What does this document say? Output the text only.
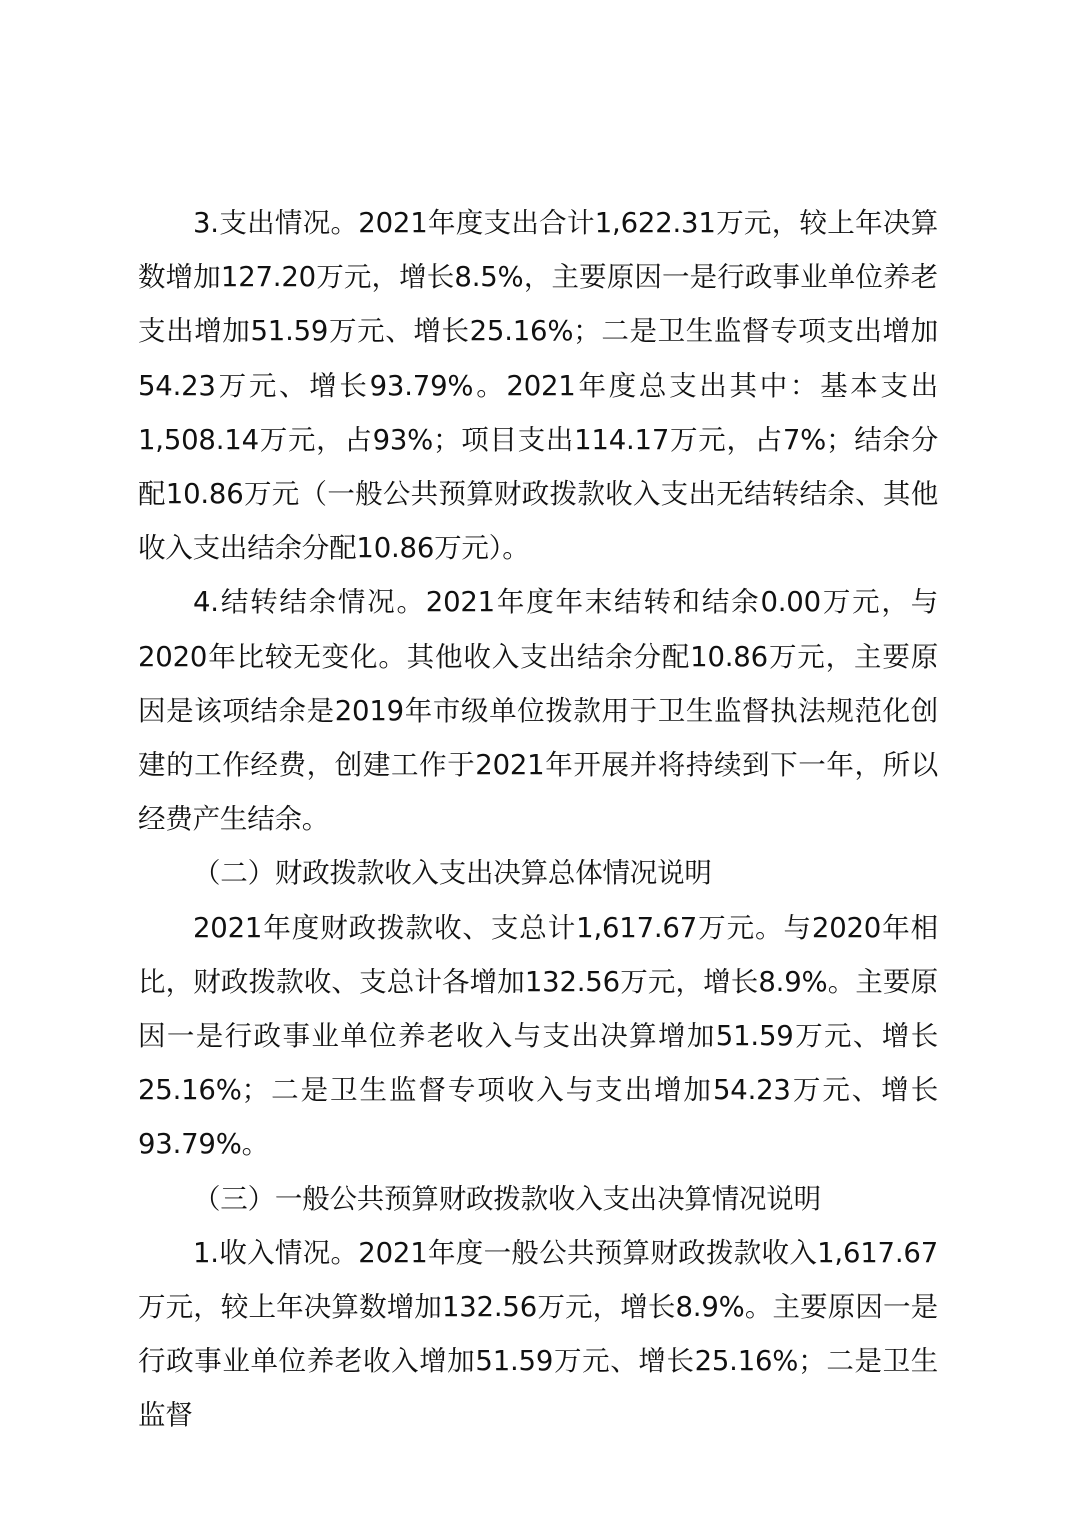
3.支出情况。2021年度支出合计1,622.31万元，较上年决算数增加127.20万元，增长8.5%，主要原因一是行政事业单位养老支出增加51.59万元、增长25.16%；二是卫生监督专项支出增加54.23万元、增长93.79%。2021年度总支出其中：基本支出1,508.14万元，占93%；项目支出114.17万元，占7%；结余分配10.86万元（一般公共预算财政拨款收入支出无结转结余、其他收入支出结余分配10.86万元）。

4.结转结余情况。2021年度年末结转和结余0.00万元，与2020年比较无变化。其他收入支出结余分配10.86万元，主要原因是该项结余是2019年市级单位拨款用于卫生监督执法规范化创建的工作经费，创建工作于2021年开展并将持续到下一年，所以经费产生结余。

（二）财政拨款收入支出决算总体情况说明

2021年度财政拨款收、支总计1,617.67万元。与2020年相比，财政拨款收、支总计各增加132.56万元，增长8.9%。主要原因一是行政事业单位养老收入与支出决算增加51.59万元、增长25.16%；二是卫生监督专项收入与支出增加54.23万元、增长93.79%。

（三）一般公共预算财政拨款收入支出决算情况说明

1.收入情况。2021年度一般公共预算财政拨款收入1,617.67万元，较上年决算数增加132.56万元，增长8.9%。主要原因一是行政事业单位养老收入增加51.59万元、增长25.16%；二是卫生监督
